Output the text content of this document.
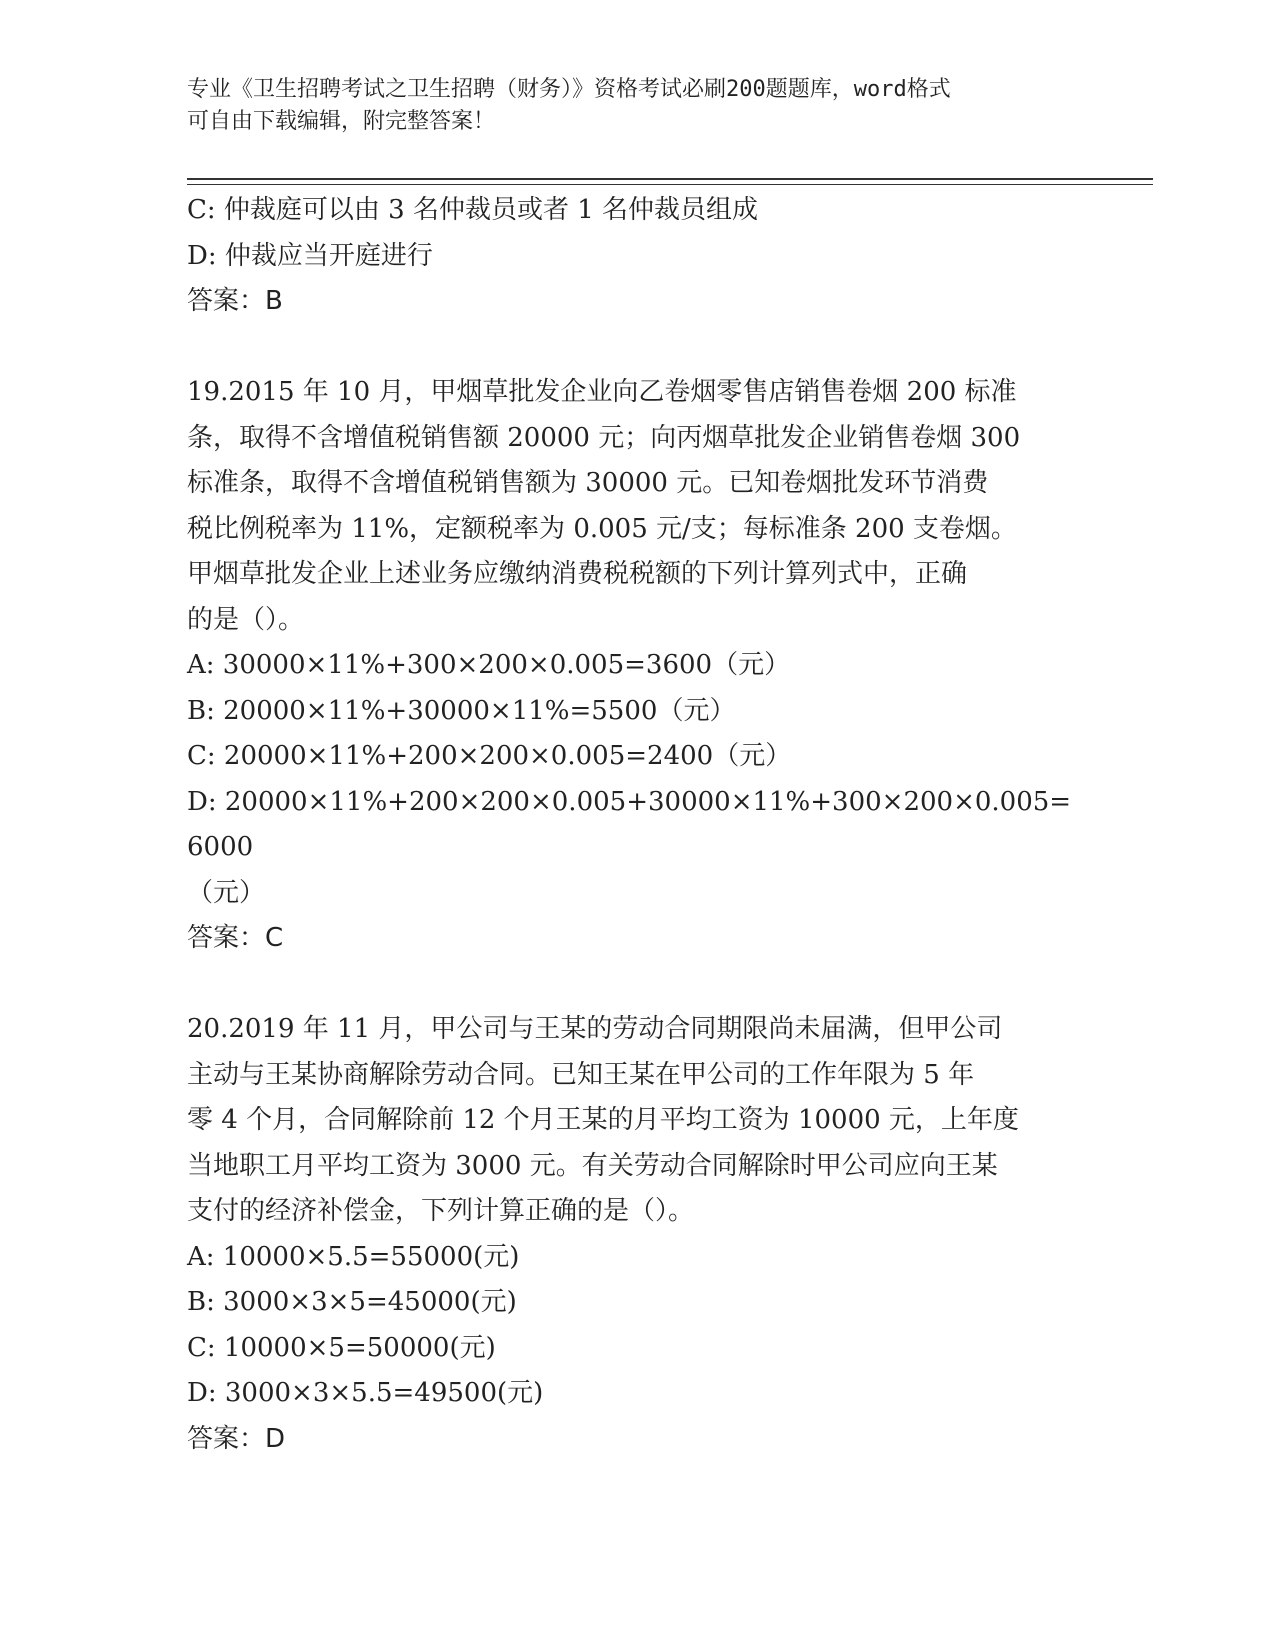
专业《卫生招聘考试之卫生招聘（财务）》资格考试必刷200题题库，word格式
可自由下载编辑，附完整答案！
C: 仲裁庭可以由 3 名仲裁员或者 1 名仲裁员组成
D: 仲裁应当开庭进行
答案：B
19.2015 年 10 月，甲烟草批发企业向乙卷烟零售店销售卷烟 200 标准
条，取得不含增值税销售额 20000 元；向丙烟草批发企业销售卷烟 300
标准条，取得不含增值税销售额为 30000 元。已知卷烟批发环节消费
税比例税率为 11%，定额税率为 0.005 元/支；每标准条 200 支卷烟。
甲烟草批发企业上述业务应缴纳消费税税额的下列计算列式中，正确
的是（）。
A: 30000×11%+300×200×0.005=3600（元）
B: 20000×11%+30000×11%=5500（元）
C: 20000×11%+200×200×0.005=2400（元）
D: 20000×11%+200×200×0.005+30000×11%+300×200×0.005=6000
（元）
答案：C
20.2019 年 11 月，甲公司与王某的劳动合同期限尚未届满，但甲公司
主动与王某协商解除劳动合同。已知王某在甲公司的工作年限为 5 年
零 4 个月，合同解除前 12 个月王某的月平均工资为 10000 元，上年度
当地职工月平均工资为 3000 元。有关劳动合同解除时甲公司应向王某
支付的经济补偿金，下列计算正确的是（）。
A: 10000×5.5=55000(元)
B: 3000×3×5=45000(元)
C: 10000×5=50000(元)
D: 3000×3×5.5=49500(元)
答案：D
